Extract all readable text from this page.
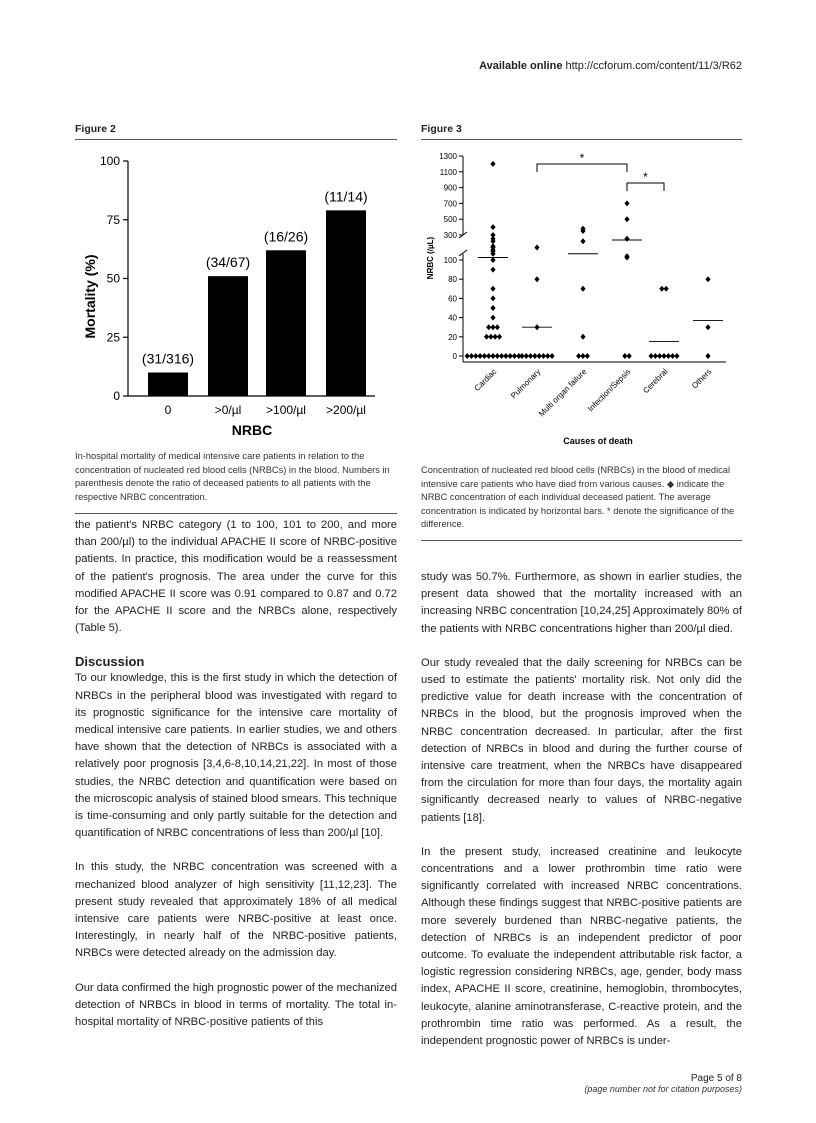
Available online http://ccforum.com/content/11/3/R62
Figure 2	Figure 3
0
25
50
75
100
(31/316)
0
(34/67)
>0/µl
(16/26)
>100/µl
(11/14)
>200/µl
NRBC
Mortality (%)
0
20
40
60
80
100
300
500
700
900
1100
1300
NRBC (/µL)
Cardiac Pulmonary
Multi organ failure
Infection/Sepsis Cerebral	Others
*
*
Causes of death
In-hospital mortality of medical intensive care patients in relation to the concentration of nucleated red blood cells (NRBCs) in the blood. Numbers in parenthesis denote the ratio of deceased patients to all patients with the respective NRBC concentration.
Concentration of nucleated red blood cells (NRBCs) in the blood of medical intensive care patients who have died from various causes. ◆ indicate the NRBC concentration of each individual deceased patient. The average concentration is indicated by horizontal bars. * denote the significance of the difference.

the patient's NRBC category (1 to 100, 101 to 200, and more than 200/µl) to the individual APACHE II score of NRBC-positive patients. In practice, this modification would be a reassessment of the patient's prognosis. The area under the curve for this modified APACHE II score was 0.91 compared to 0.87 and 0.72 for the APACHE II score and the NRBCs alone, respectively (Table 5).

Discussion

To our knowledge, this is the first study in which the detection of NRBCs in the peripheral blood was investigated with regard to its prognostic significance for the intensive care mortality of medical intensive care patients. In earlier studies, we and others have shown that the detection of NRBCs is associated with a relatively poor prognosis [3,4,6-8,10,14,21,22]. In most of those studies, the NRBC detection and quantification were based on the microscopic analysis of stained blood smears. This technique is time-consuming and only partly suitable for the detection and quantification of NRBC concentrations of less than 200/µl [10].

In this study, the NRBC concentration was screened with a mechanized blood analyzer of high sensitivity [11,12,23]. The present study revealed that approximately 18% of all medical intensive care patients were NRBC-positive at least once. Interestingly, in nearly half of the NRBC-positive patients, NRBCs were detected already on the admission day.

Our data confirmed the high prognostic power of the mechanized detection of NRBCs in blood in terms of mortality. The total in-hospital mortality of NRBC-positive patients of this

study was 50.7%. Furthermore, as shown in earlier studies, the present data showed that the mortality increased with an increasing NRBC concentration [10,24,25] Approximately 80% of the patients with NRBC concentrations higher than 200/µl died.

Our study revealed that the daily screening for NRBCs can be used to estimate the patients' mortality risk. Not only did the predictive value for death increase with the concentration of NRBCs in the blood, but the prognosis improved when the NRBC concentration decreased. In particular, after the first detection of NRBCs in blood and during the further course of intensive care treatment, when the NRBCs have disappeared from the circulation for more than four days, the mortality again significantly decreased nearly to values of NRBC-negative patients [18].

In the present study, increased creatinine and leukocyte concentrations and a lower prothrombin time ratio were significantly correlated with increased NRBC concentrations. Although these findings suggest that NRBC-positive patients are more severely burdened than NRBC-negative patients, the detection of NRBCs is an independent predictor of poor outcome. To evaluate the independent attributable risk factor, a logistic regression considering NRBCs, age, gender, body mass index, APACHE II score, creatinine, hemoglobin, thrombocytes, leukocyte, alanine aminotransferase, C-reactive protein, and the prothrombin time ratio was performed. As a result, the independent prognostic power of NRBCs is under-

Page 5 of 8
(page number not for citation purposes)
